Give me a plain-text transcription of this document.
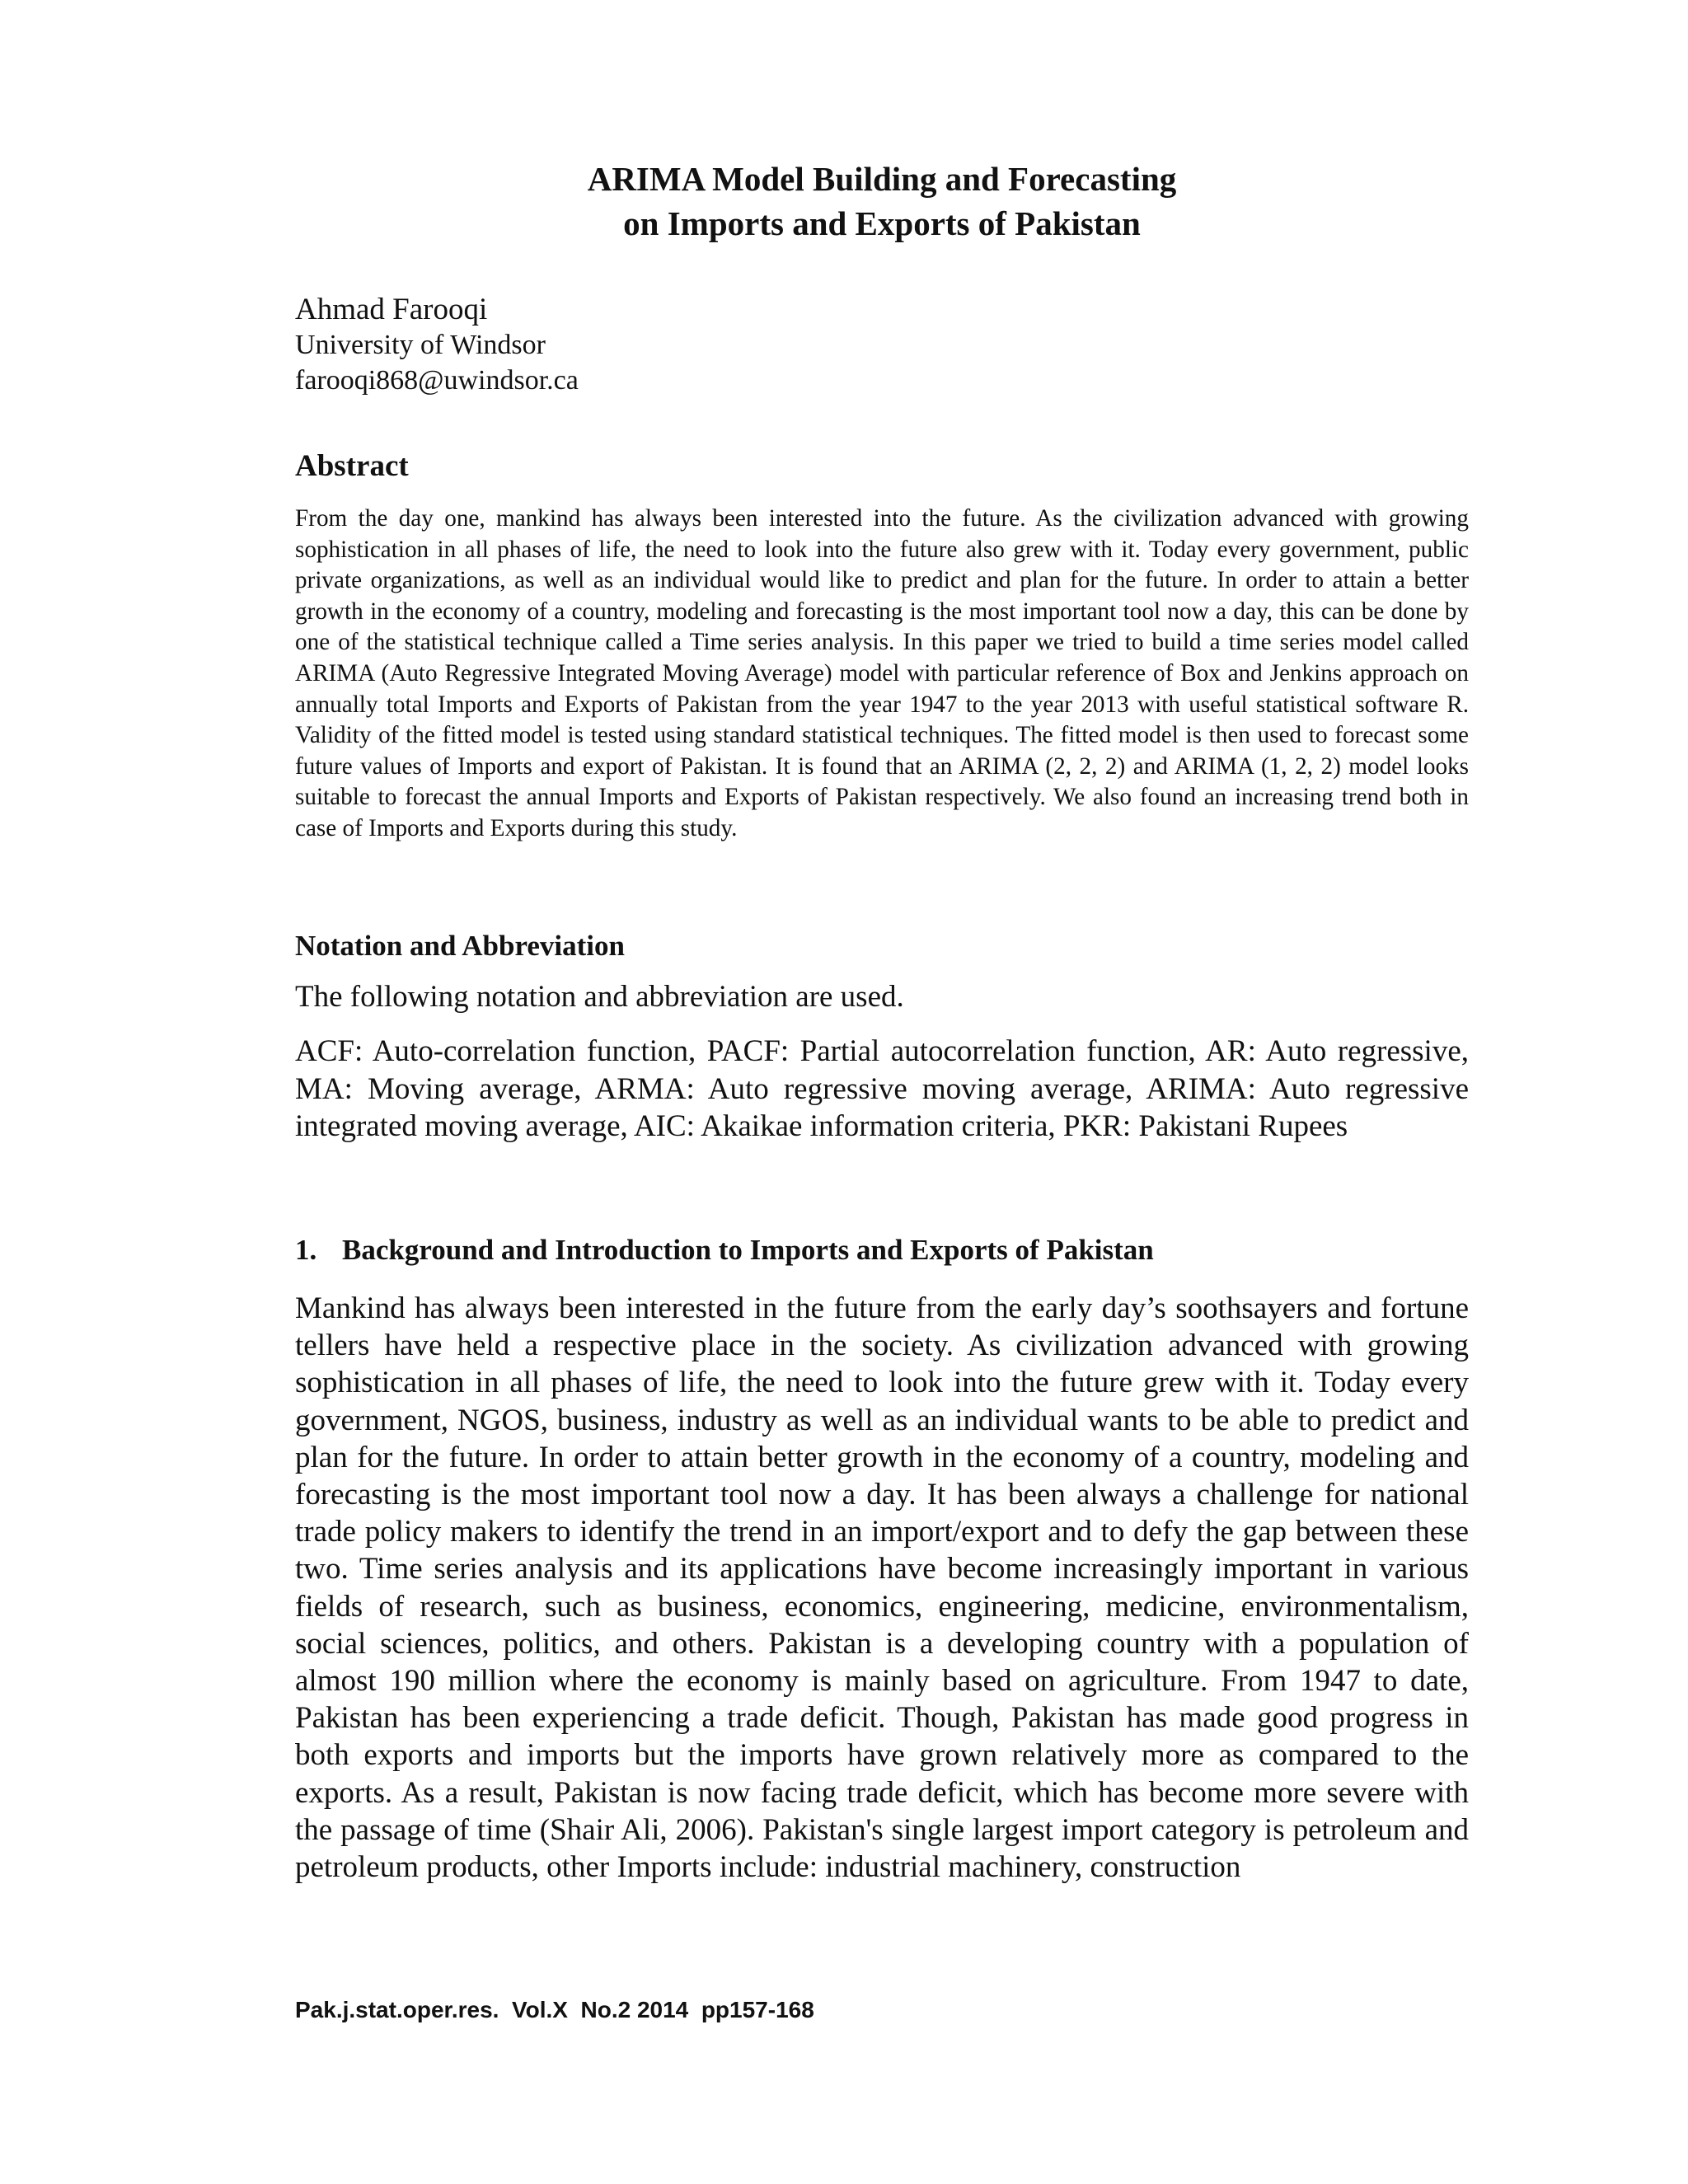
ARIMA Model Building and Forecasting
on Imports and Exports of Pakistan
Ahmad Farooqi
University of Windsor
farooqi868@uwindsor.ca
Abstract

From the day one, mankind has always been interested into the future. As the civilization advanced with growing sophistication in all phases of life, the need to look into the future also grew with it. Today every government, public private organizations, as well as an individual would like to predict and plan for the future. In order to attain a better growth in the economy of a country, modeling and forecasting is the most important tool now a day, this can be done by one of the statistical technique called a Time series analysis. In this paper we tried to build a time series model called ARIMA (Auto Regressive Integrated Moving Average) model with particular reference of Box and Jenkins approach on annually total Imports and Exports of Pakistan from the year 1947 to the year 2013 with useful statistical software R. Validity of the fitted model is tested using standard statistical techniques. The fitted model is then used to forecast some future values of Imports and export of Pakistan. It is found that an ARIMA (2, 2, 2) and ARIMA (1, 2, 2) model looks suitable to forecast the annual Imports and Exports of Pakistan respectively. We also found an increasing trend both in case of Imports and Exports during this study.

Notation and Abbreviation

The following notation and abbreviation are used.

ACF: Auto-correlation function, PACF: Partial autocorrelation function, AR: Auto regressive, MA: Moving average, ARMA: Auto regressive moving average, ARIMA: Auto regressive integrated moving average, AIC: Akaikae information criteria, PKR: Pakistani Rupees

1. Background and Introduction to Imports and Exports of Pakistan

Mankind has always been interested in the future from the early day’s soothsayers and fortune tellers have held a respective place in the society. As civilization advanced with growing sophistication in all phases of life, the need to look into the future grew with it. Today every government, NGOS, business, industry as well as an individual wants to be able to predict and plan for the future. In order to attain better growth in the economy of a country, modeling and forecasting is the most important tool now a day. It has been always a challenge for national trade policy makers to identify the trend in an import/export and to defy the gap between these two. Time series analysis and its applications have become increasingly important in various fields of research, such as business, economics, engineering, medicine, environmentalism, social sciences, politics, and others. Pakistan is a developing country with a population of almost 190 million where the economy is mainly based on agriculture. From 1947 to date, Pakistan has been experiencing a trade deficit. Though, Pakistan has made good progress in both exports and imports but the imports have grown relatively more as compared to the exports. As a result, Pakistan is now facing trade deficit, which has become more severe with the passage of time (Shair Ali, 2006). Pakistan's single largest import category is petroleum and petroleum products, other Imports include: industrial machinery, construction

Pak.j.stat.oper.res.  Vol.X  No.2 2014  pp157-168
